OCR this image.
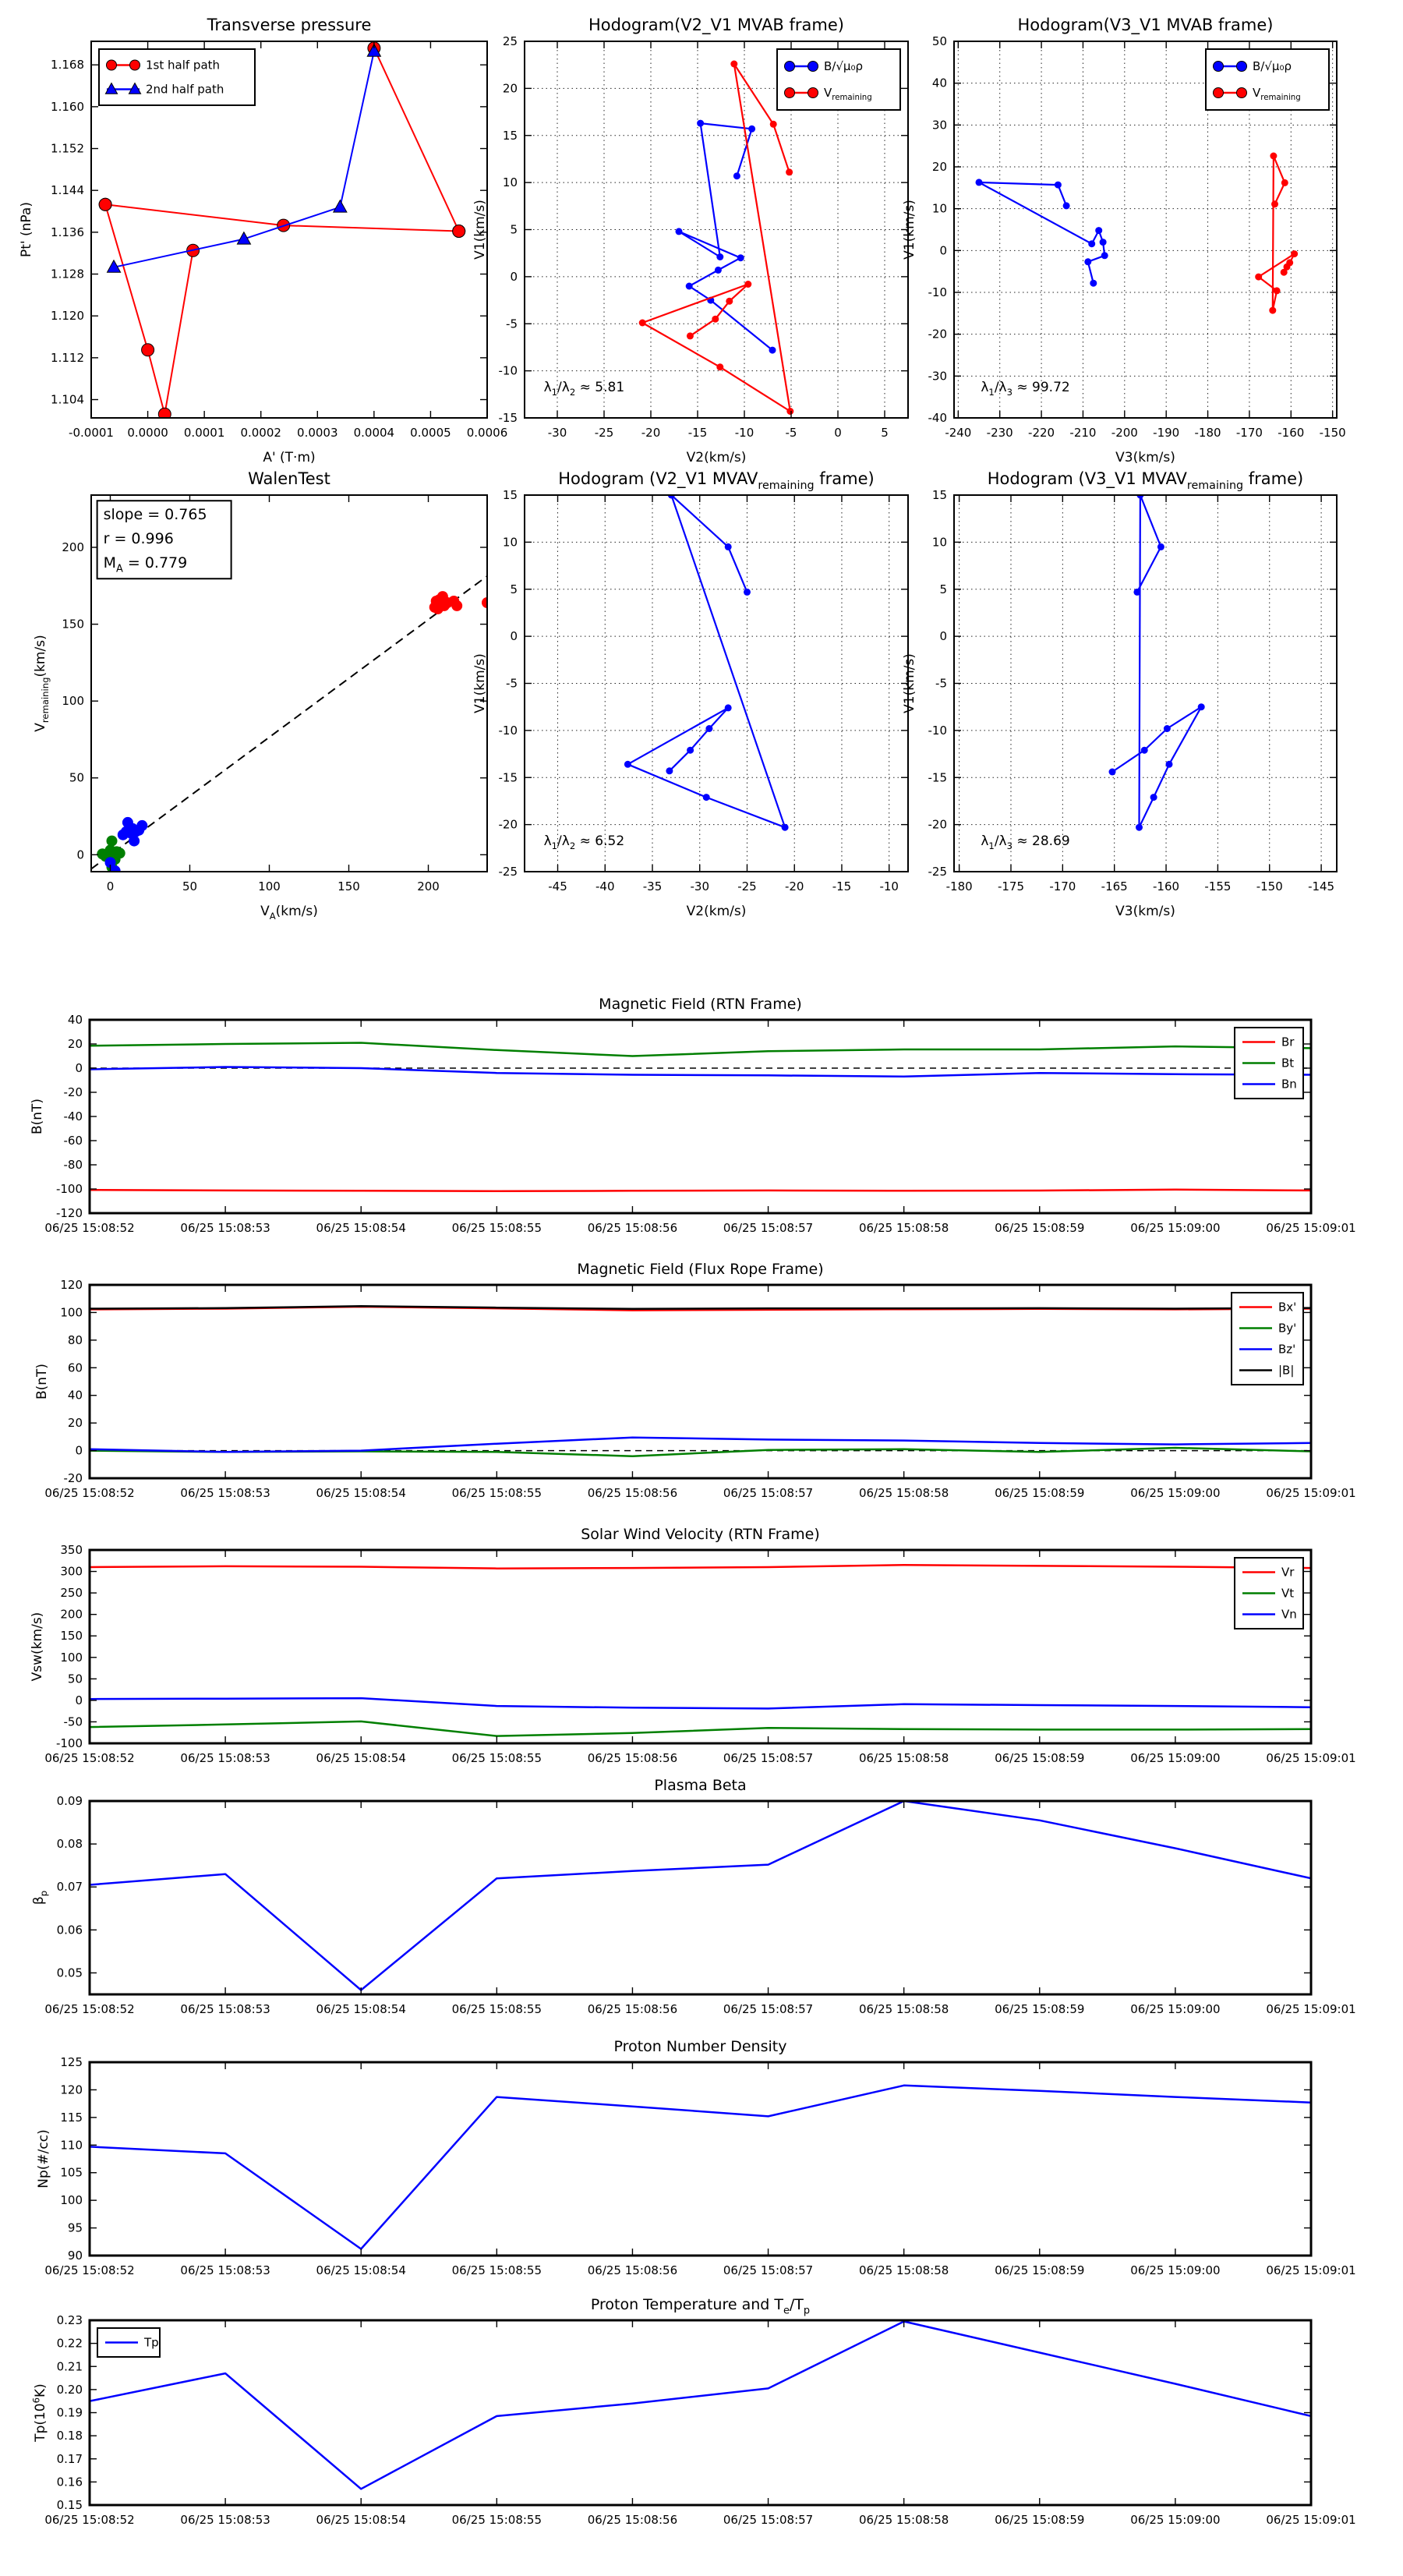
-0.0001 0.0000 0.0001 0.0002 0.0003 0.0004 0.0005 0.0006
1.104
1.112
1.120
1.128
1.136
1.144
1.152
1.160
1.168
Transverse pressure
A' (T·m)
Pt' (nPa)
1st half path
2nd half path
-30 -25 -20 -15 -10	-5	0	5
-15
-10
-5
0
5
10
15
20
25
Hodogram(V2_V1 MVAB frame)
V2(km/s)
V1(km/s)
B/√μ₀ρ
$V_{remaining}$
$\lambda_1/\lambda_2 \approx 5.81$
-240 -230 -220 -210 -200 -190 -180 -170 -160 -150
-40
-30
-20
-10
0
10
20
30
40
50
Hodogram(V3_V1 MVAB frame)
V3(km/s)
V1(km/s)
B/√μ₀ρ
$V_{remaining}$
$\lambda_1/\lambda_3 \approx 99.72$
0	50	100	150	200
0
50
100
150
200
WalenTest
$V_A(km/s)$
$V_{remaining}(km/s)$
slope = 0.765
r = 0.996
$M_A = 0.779$
-45 -40 -35 -30 -25 -20 -15 -10
-25
-20
-15
-10
-5
0
5
10
15
Hodogram (V2_V1 $MVAV_{remaining}$ frame)
V2(km/s)
V1(km/s)
$\lambda_1/\lambda_2 \approx 6.52$
-180 -175 -170 -165 -160 -155 -150 -145
-25
-20
-15
-10
-5
0
5
10
15
Hodogram (V3_V1 $MVAV_{remaining}$ frame)
V3(km/s)
V1(km/s)
$\lambda_1/\lambda_3 \approx 28.69$
06/25 15:08:52	06/25 15:08:53	06/25 15:08:54	06/25 15:08:55	06/25 15:08:56	06/25 15:08:57	06/25 15:08:58	06/25 15:08:59	06/25 15:09:00	06/25 15:09:01
-120
-100
-80
-60
-40
-20
0
20
40
Magnetic Field (RTN Frame)
B(nT)
Br
Bt
Bn
06/25 15:08:52	06/25 15:08:53	06/25 15:08:54	06/25 15:08:55	06/25 15:08:56	06/25 15:08:57	06/25 15:08:58	06/25 15:08:59	06/25 15:09:00	06/25 15:09:01
-20
0
20
40
60
80
100
120
Magnetic Field (Flux Rope Frame)
B(nT)
Bx'
By'
Bz'
|B|
06/25 15:08:52	06/25 15:08:53	06/25 15:08:54	06/25 15:08:55	06/25 15:08:56	06/25 15:08:57	06/25 15:08:58	06/25 15:08:59	06/25 15:09:00	06/25 15:09:01
-100
-50
0
50
100
150
200
250
300
350
Solar Wind Velocity (RTN Frame)
Vsw(km/s)
Vr
Vt
Vn
06/25 15:08:52	06/25 15:08:53	06/25 15:08:54	06/25 15:08:55	06/25 15:08:56	06/25 15:08:57	06/25 15:08:58	06/25 15:08:59	06/25 15:09:00	06/25 15:09:01
0.05
0.06
0.07
0.08
0.09
Plasma Beta
$\beta_p$
06/25 15:08:52	06/25 15:08:53	06/25 15:08:54	06/25 15:08:55	06/25 15:08:56	06/25 15:08:57	06/25 15:08:58	06/25 15:08:59	06/25 15:09:00	06/25 15:09:01
90
95
100
105
110
115
120
125
Proton Number Density
Np(#/cc)
06/25 15:08:52	06/25 15:08:53	06/25 15:08:54	06/25 15:08:55	06/25 15:08:56	06/25 15:08:57	06/25 15:08:58	06/25 15:08:59	06/25 15:09:00	06/25 15:09:01
0.15
0.16
0.17
0.18
0.19
0.20
0.21
0.22
0.23
Proton Temperature and $T_e/T_p$
$Tp(10^6K)$
Tp
